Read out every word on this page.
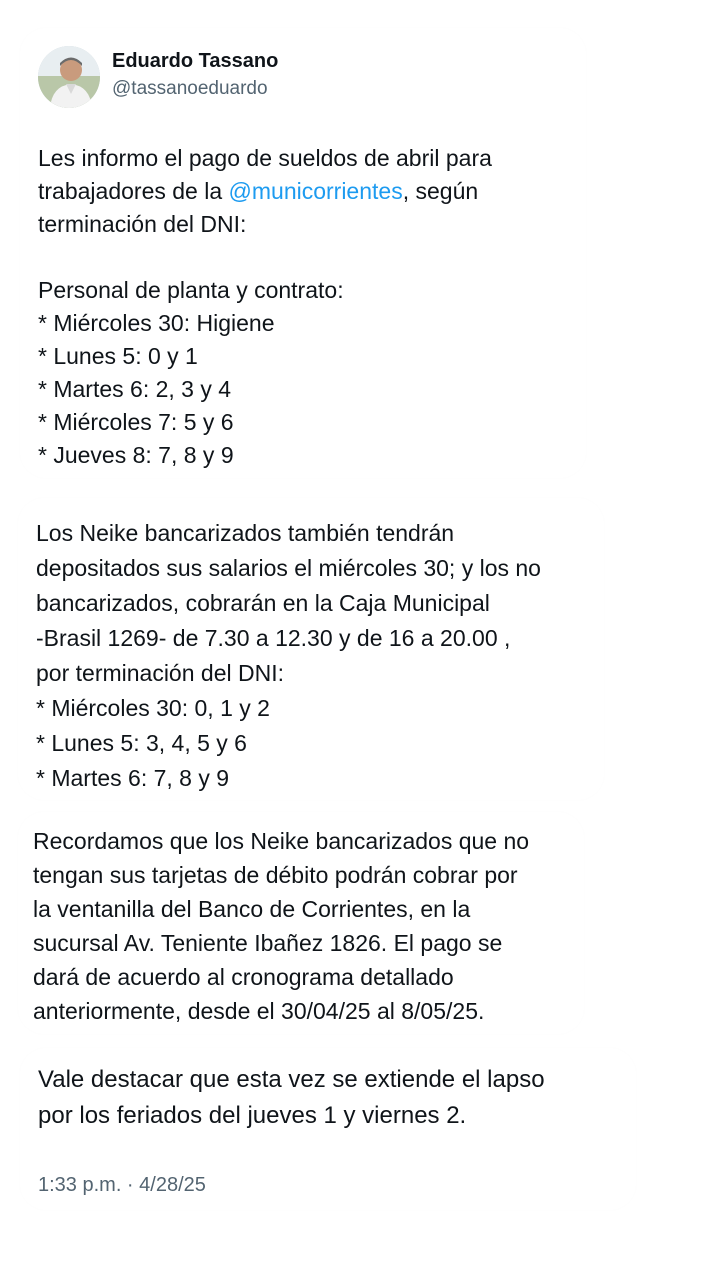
Eduardo Tassano
@tassanoeduardo
Les informo el pago de sueldos de abril para
trabajadores de la @municorrientes, según
terminación del DNI:
Personal de planta y contrato:
* Miércoles 30: Higiene
* Lunes 5: 0 y 1
* Martes 6: 2, 3 y 4
* Miércoles 7: 5 y 6
* Jueves 8: 7, 8 y 9
Los Neike bancarizados también tendrán
depositados sus salarios el miércoles 30; y los no
bancarizados, cobrarán en la Caja Municipal
-Brasil 1269- de 7.30 a 12.30 y de 16 a 20.00 ,
por terminación del DNI:
* Miércoles 30: 0, 1 y 2
* Lunes 5: 3, 4, 5 y 6
* Martes 6: 7, 8 y 9
Recordamos que los Neike bancarizados que no
tengan sus tarjetas de débito podrán cobrar por
la ventanilla del Banco de Corrientes, en la
sucursal Av. Teniente Ibañez 1826. El pago se
dará de acuerdo al cronograma detallado
anteriormente, desde el 30/04/25 al 8/05/25.
Vale destacar que esta vez se extiende el lapso
por los feriados del jueves 1 y viernes 2.
1:33 p.m. · 4/28/25
